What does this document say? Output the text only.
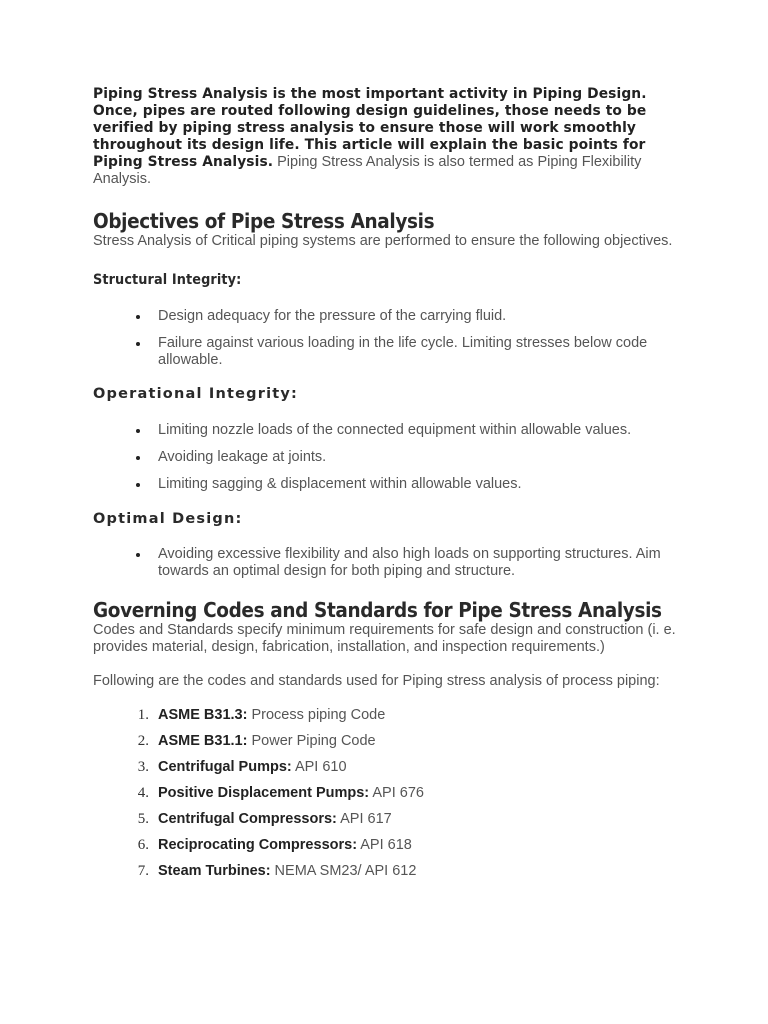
Piping Stress Analysis is the most important activity in Piping Design. Once, pipes are routed following design guidelines, those needs to be verified by piping stress analysis to ensure those will work smoothly throughout its design life. This article will explain the basic points for Piping Stress Analysis. Piping Stress Analysis is also termed as Piping Flexibility Analysis.

Objectives of Pipe Stress Analysis

Stress Analysis of Critical piping systems are performed to ensure the following objectives.

Structural Integrity:
Design adequacy for the pressure of the carrying fluid.
Failure against various loading in the life cycle. Limiting stresses below code allowable.
Operational Integrity:
Limiting nozzle loads of the connected equipment within allowable values.
Avoiding leakage at joints.
Limiting sagging & displacement within allowable values.
Optimal Design:
Avoiding excessive flexibility and also high loads on supporting structures. Aim towards an optimal design for both piping and structure.
Governing Codes and Standards for Pipe Stress Analysis

Codes and Standards specify minimum requirements for safe design and construction (i. e. provides material, design, fabrication, installation, and inspection requirements.)

Following are the codes and standards used for Piping stress analysis of process piping:

1. ASME B31.3: Process piping Code
2. ASME B31.1: Power Piping Code
3. Centrifugal Pumps: API 610
4. Positive Displacement Pumps: API 676
5. Centrifugal Compressors: API 617
6. Reciprocating Compressors: API 618
7. Steam Turbines: NEMA SM23/ API 612
